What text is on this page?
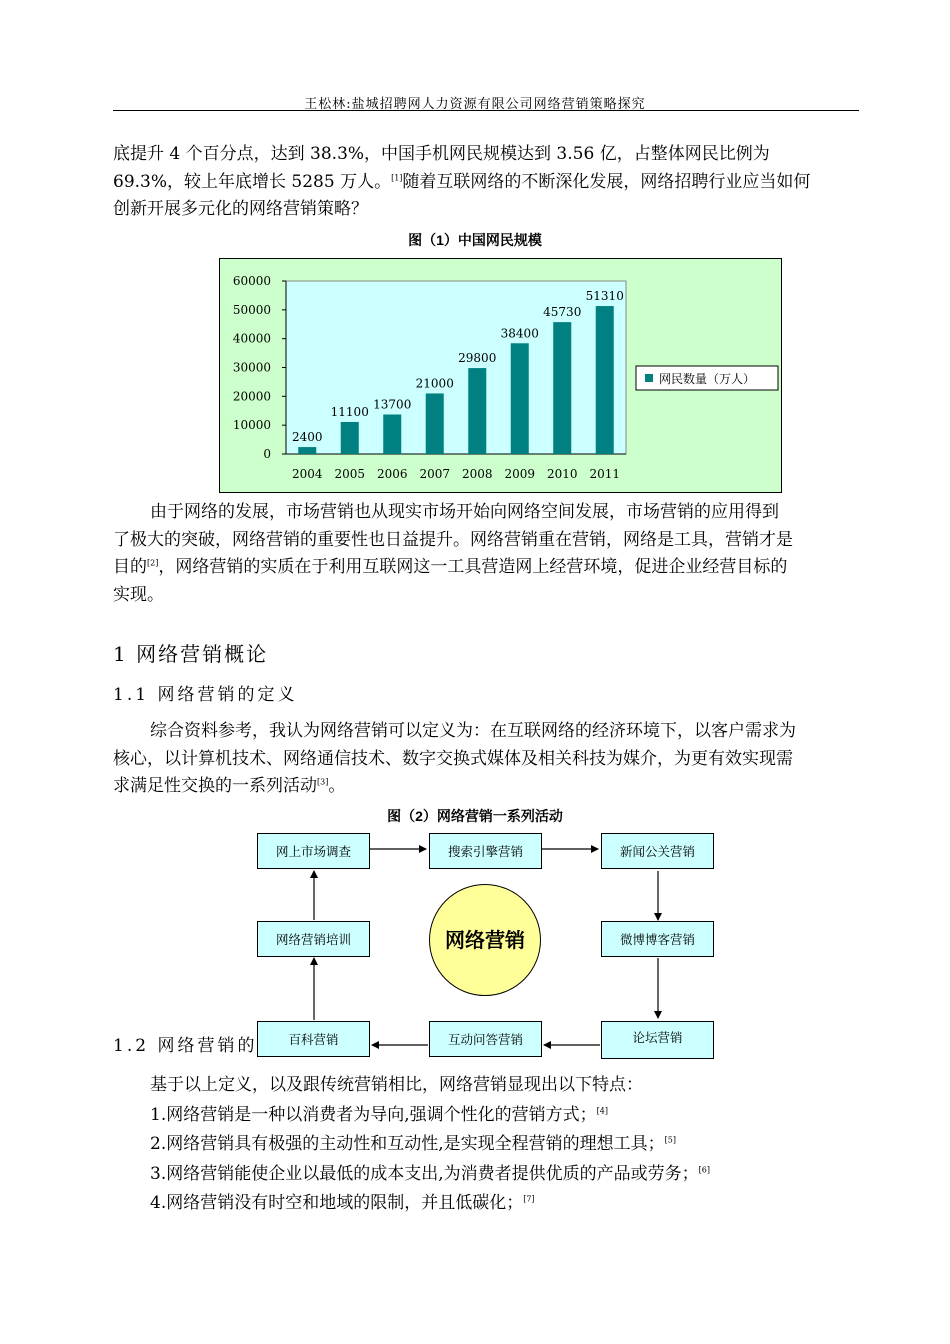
王松林:盐城招聘网人力资源有限公司网络营销策略探究
底提升 4 个百分点，达到 38.3%，中国手机网民规模达到 3.56 亿，占整体网民比例为
69.3%，较上年底增长 5285 万人。[1]随着互联网络的不断深化发展，网络招聘行业应当如何
创新开展多元化的网络营销策略？
图（1）中国网民规模
0
10000
20000
30000
40000
50000
60000
2400
2004
11100
2005
13700
2006
21000
2007
29800
2008
38400
2009
45730
2010
51310
2011
网民数量（万人）
由于网络的发展，市场营销也从现实市场开始向网络空间发展，市场营销的应用得到
了极大的突破，网络营销的重要性也日益提升。网络营销重在营销，网络是工具，营销才是
目的[2]，网络营销的实质在于利用互联网这一工具营造网上经营环境，促进企业经营目标的
实现。
1 网络营销概论
1.1 网络营销的定义
综合资料参考，我认为网络营销可以定义为：在互联网络的经济环境下，以客户需求为
核心，以计算机技术、网络通信技术、数字交换式媒体及相关科技为媒介，为更有效实现需
求满足性交换的一系列活动[3]。
图（2）网络营销一系列活动
1.2 网络营销的
网上市场调查	搜索引擎营销	新闻公关营销
网络营销培训	微博博客营销
百科营销	互动问答营销	论坛营销
网络营销
基于以上定义，以及跟传统营销相比，网络营销显现出以下特点：
1.网络营销是一种以消费者为导向,强调个性化的营销方式；[4]
2.网络营销具有极强的主动性和互动性,是实现全程营销的理想工具；[5]
3.网络营销能使企业以最低的成本支出,为消费者提供优质的产品或劳务；[6]
4.网络营销没有时空和地域的限制，并且低碳化；[7]
